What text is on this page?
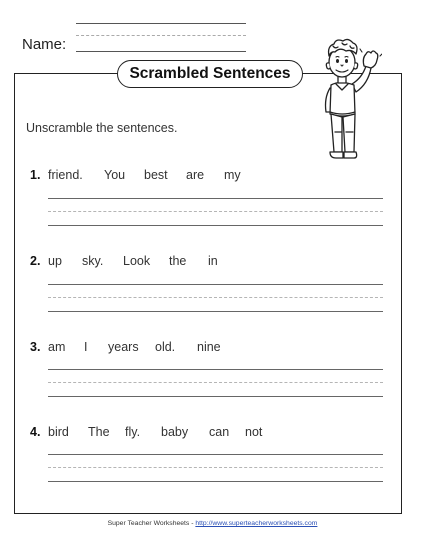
Name:
Scrambled Sentences
Unscramble the sentences.
1. friend. You best are my
2. up sky. Look the in
3. am I years old. nine
4. bird The fly. baby can not
Super Teacher Worksheets - http://www.superteacherworksheets.com
